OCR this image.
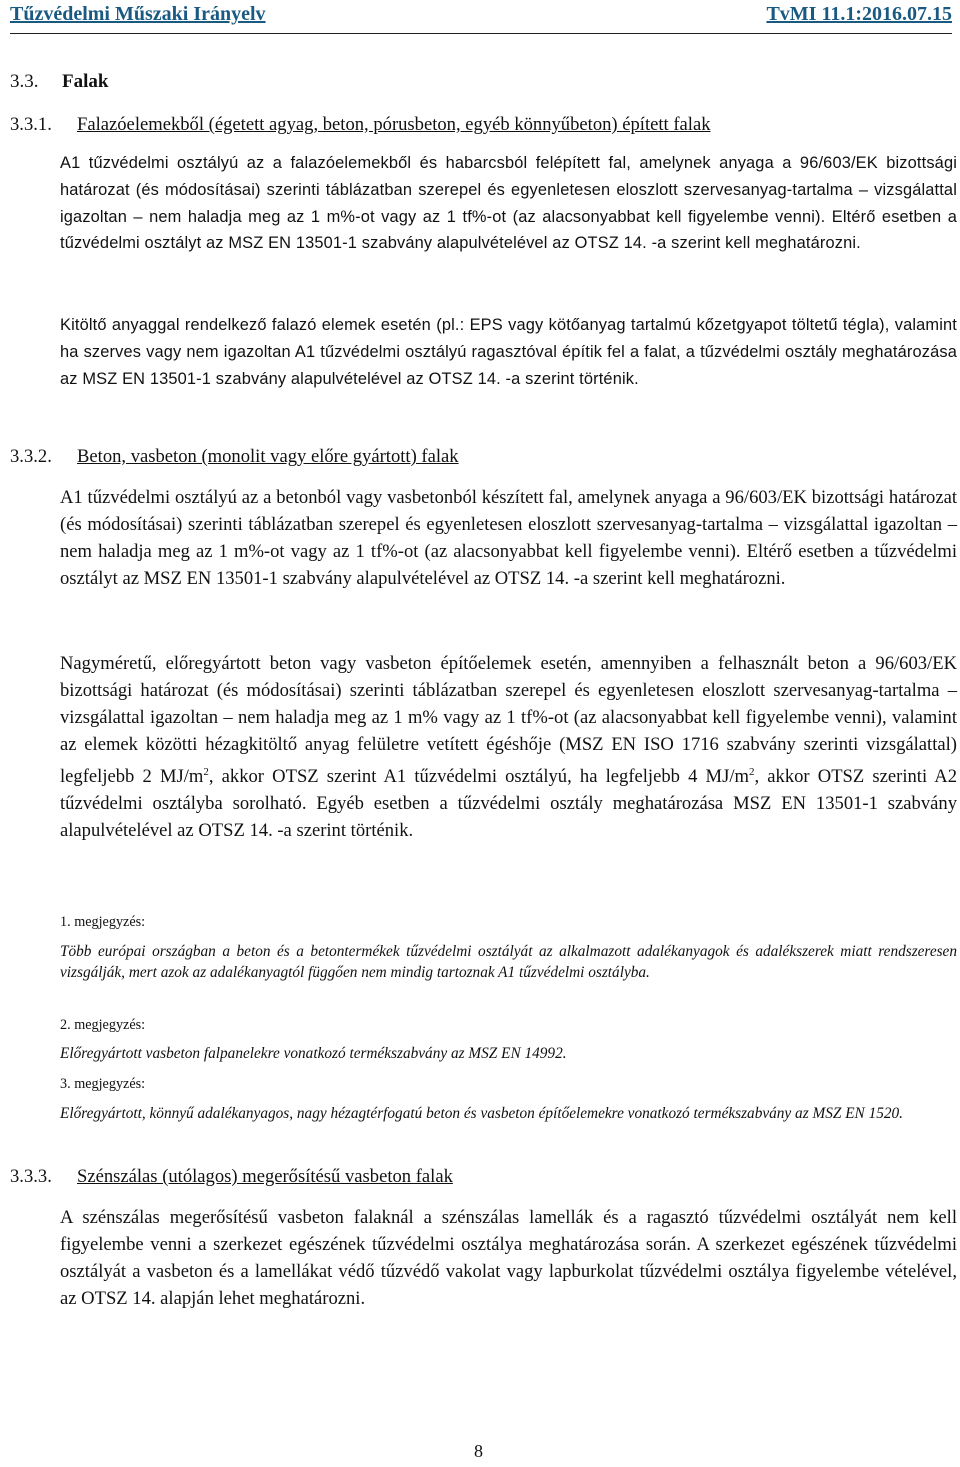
Tűzvédelmi Műszaki Irányelv	TvMI 11.1:2016.07.15
3.3. Falak
3.3.1. Falazóelemekből (égetett agyag, beton, pórusbeton, egyéb könnyűbeton) épített falak

A1 tűzvédelmi osztályú az a falazóelemekből és habarcsból felépített fal, amelynek anyaga a 96/603/EK bizottsági határozat (és módosításai) szerinti táblázatban szerepel és egyenletesen eloszlott szervesanyag-tartalma – vizsgálattal igazoltan – nem haladja meg az 1 m%-ot vagy az 1 tf%-ot (az alacsonyabbat kell figyelembe venni). Eltérő esetben a tűzvédelmi osztályt az MSZ EN 13501-1 szabvány alapulvételével az OTSZ 14. -a szerint kell meghatározni.

Kitöltő anyaggal rendelkező falazó elemek esetén (pl.: EPS vagy kötőanyag tartalmú kőzetgyapot töltetű tégla), valamint ha szerves vagy nem igazoltan A1 tűzvédelmi osztályú ragasztóval építik fel a falat, a tűzvédelmi osztály meghatározása az MSZ EN 13501-1 szabvány alapulvételével az OTSZ 14. -a szerint történik.

3.3.2. Beton, vasbeton (monolit vagy előre gyártott) falak

A1 tűzvédelmi osztályú az a betonból vagy vasbetonból készített fal, amelynek anyaga a 96/603/EK bizottsági határozat (és módosításai) szerinti táblázatban szerepel és egyenletesen eloszlott szervesanyag-tartalma – vizsgálattal igazoltan – nem haladja meg az 1 m%-ot vagy az 1 tf%-ot (az alacsonyabbat kell figyelembe venni). Eltérő esetben a tűzvédelmi osztályt az MSZ EN 13501-1 szabvány alapulvételével az OTSZ 14. -a szerint kell meghatározni.

Nagyméretű, előregyártott beton vagy vasbeton építőelemek esetén, amennyiben a felhasznált beton a 96/603/EK bizottsági határozat (és módosításai) szerinti táblázatban szerepel és egyenletesen eloszlott szervesanyag-tartalma – vizsgálattal igazoltan – nem haladja meg az 1 m% vagy az 1 tf%-ot (az alacsonyabbat kell figyelembe venni), valamint az elemek közötti hézagkitöltő anyag felületre vetített égéshője (MSZ EN ISO 1716 szabvány szerinti vizsgálattal) legfeljebb 2 $MJ/m^2$, akkor OTSZ szerint A1 tűzvédelmi osztályú, ha legfeljebb 4 $MJ/m^2$, akkor OTSZ szerinti A2 tűzvédelmi osztályba sorolható. Egyéb esetben a tűzvédelmi osztály meghatározása MSZ EN 13501-1 szabvány alapulvételével az OTSZ 14. -a szerint történik.

1. megjegyzés:

Több európai országban a beton és a betontermékek tűzvédelmi osztályát az alkalmazott adalékanyagok és adalékszerek miatt rendszeresen vizsgálják, mert azok az adalékanyagtól függően nem mindig tartoznak A1 tűzvédelmi osztályba.

2. megjegyzés:

Előregyártott vasbeton falpanelekre vonatkozó termékszabvány az MSZ EN 14992.

3. megjegyzés:

Előregyártott, könnyű adalékanyagos, nagy hézagtérfogatú beton és vasbeton építőelemekre vonatkozó termékszabvány az MSZ EN 1520.

3.3.3. Szénszálas (utólagos) megerősítésű vasbeton falak

A szénszálas megerősítésű vasbeton falaknál a szénszálas lamellák és a ragasztó tűzvédelmi osztályát nem kell figyelembe venni a szerkezet egészének tűzvédelmi osztálya meghatározása során. A szerkezet egészének tűzvédelmi osztályát a vasbeton és a lamellákat védő tűzvédő vakolat vagy lapburkolat tűzvédelmi osztálya figyelembe vételével, az OTSZ 14. alapján lehet meghatározni.

8
